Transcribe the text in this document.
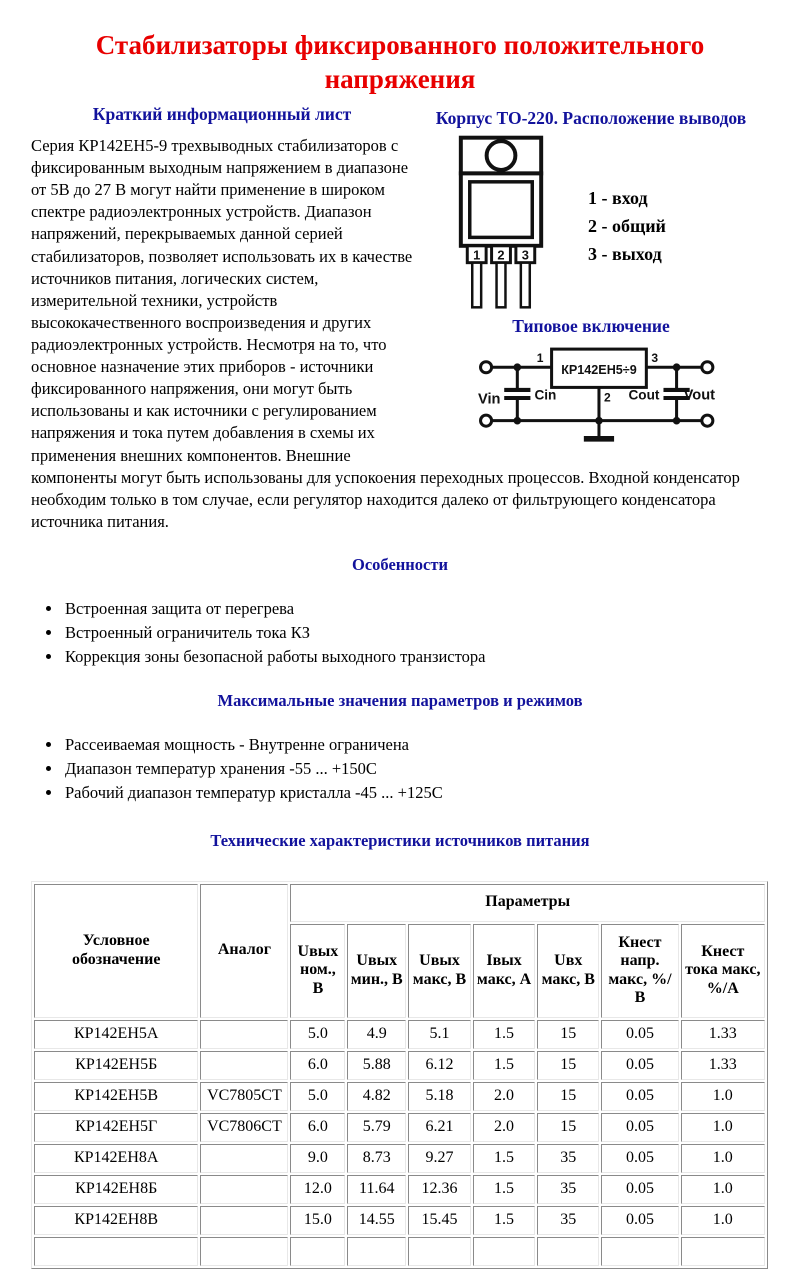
Стабилизаторы фиксированного положительного напряжения
Корпус ТО-220. Расположение выводов
1 2 3
1 - вход
2 - общий
3 - выход
Типовое включение
КР142ЕН5÷9
1	3
2
Cin
Vin	Cout Vout
Краткий информационный лист

Серия КР142ЕН5-9 трехвыводных стабилизаторов с фиксированным выходным напряжением в диапазоне от 5В до 27 В могут найти применение в широком спектре радиоэлектронных устройств. Диапазон напряжений, перекрываемых данной серией стабилизаторов, позволяет использовать их в качестве источников питания, логических систем, измерительной техники, устройств высококачественного воспроизведения и других радиоэлектронных устройств. Несмотря на то, что основное назначение этих приборов - источники фиксированного напряжения, они могут быть использованы и как источники с регулированием напряжения и тока путем добавления в схемы их применения внешних компонентов. Внешние компоненты могут быть использованы для успокоения переходных процессов. Входной конденсатор необходим только в том случае, если регулятор находится далеко от фильтрующего конденсатора источника питания.

Особенности
• Встроенная защита от перегрева
• Встроенный ограничитель тока КЗ
• Коррекция зоны безопасной работы выходного транзистора
Максимальные значения параметров и режимов
• Рассеиваемая мощность - Внутренне ограничена
• Диапазон температур хранения -55 ... +150С
• Рабочий диапазон температур кристалла -45 ... +125С
Технические характеристики источников питания
Условное обозначение	Аналог	Параметры						
		Uвых ном., В	Uвых мин., В	Uвых макс, В	Iвых макс, А	Uвх макс, В	Кнест напр. макс, %/В	Кнест тока макс, %/А
КР142ЕН5А		5.0	4.9	5.1	1.5	15	0.05	1.33
КР142ЕН5Б		6.0	5.88	6.12	1.5	15	0.05	1.33
КР142ЕН5В	VC7805CT	5.0	4.82	5.18	2.0	15	0.05	1.0
КР142ЕН5Г	VC7806CT	6.0	5.79	6.21	2.0	15	0.05	1.0
КР142ЕН8А		9.0	8.73	9.27	1.5	35	0.05	1.0
КР142ЕН8Б		12.0	11.64	12.36	1.5	35	0.05	1.0
КР142ЕН8В		15.0	14.55	15.45	1.5	35	0.05	1.0
